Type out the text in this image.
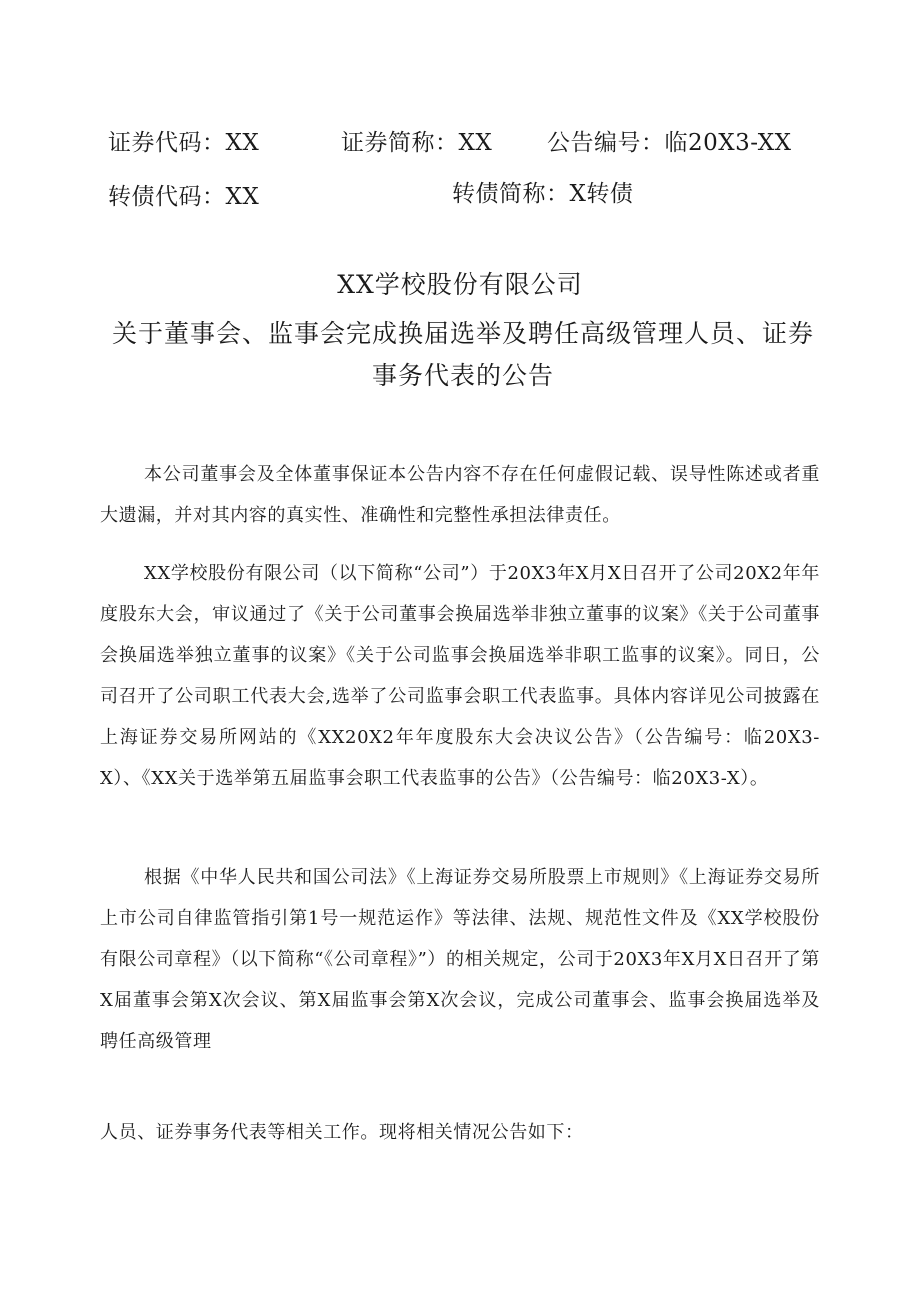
证券代码：XX	证券简称：XX 公告编号：临20X3-XX
转债代码：XX	转债简称：X转债
XX学校股份有限公司
关于董事会、监事会完成换届选举及聘任高级管理人员、证券事务代表的公告
本公司董事会及全体董事保证本公告内容不存在任何虚假记载、误导性陈述或者重大遗漏，并对其内容的真实性、准确性和完整性承担法律责任。
XX学校股份有限公司（以下简称“公司”）于20X3年X月X日召开了公司20X2年年度股东大会，审议通过了《关于公司董事会换届选举非独立董事的议案》《关于公司董事会换届选举独立董事的议案》《关于公司监事会换届选举非职工监事的议案》。同日，公司召开了公司职工代表大会,选举了公司监事会职工代表监事。具体内容详见公司披露在上海证券交易所网站的《XX20X2年年度股东大会决议公告》（公告编号：临20X3-X）、《XX关于选举第五届监事会职工代表监事的公告》（公告编号：临20X3-X）。
根据《中华人民共和国公司法》《上海证券交易所股票上市规则》《上海证券交易所上市公司自律监管指引第1号一规范运作》等法律、法规、规范性文件及《XX学校股份有限公司章程》（以下简称“《公司章程》”）的相关规定，公司于20X3年X月X日召开了第X届董事会第X次会议、第X届监事会第X次会议，完成公司董事会、监事会换届选举及聘任高级管理
人员、证券事务代表等相关工作。现将相关情况公告如下：
